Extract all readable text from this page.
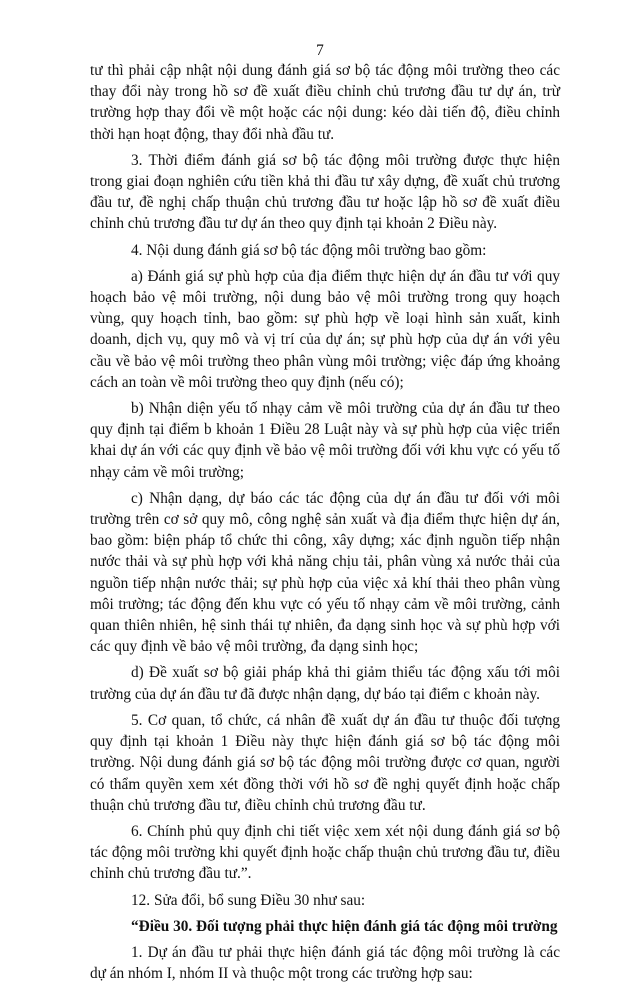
7

tư thì phải cập nhật nội dung đánh giá sơ bộ tác động môi trường theo các thay đổi này trong hồ sơ đề xuất điều chỉnh chủ trương đầu tư dự án, trừ trường hợp thay đổi về một hoặc các nội dung: kéo dài tiến độ, điều chỉnh thời hạn hoạt động, thay đổi nhà đầu tư.

3. Thời điểm đánh giá sơ bộ tác động môi trường được thực hiện trong giai đoạn nghiên cứu tiền khả thi đầu tư xây dựng, đề xuất chủ trương đầu tư, đề nghị chấp thuận chủ trương đầu tư hoặc lập hồ sơ đề xuất điều chỉnh chủ trương đầu tư dự án theo quy định tại khoản 2 Điều này.

4. Nội dung đánh giá sơ bộ tác động môi trường bao gồm:

a) Đánh giá sự phù hợp của địa điểm thực hiện dự án đầu tư với quy hoạch bảo vệ môi trường, nội dung bảo vệ môi trường trong quy hoạch vùng, quy hoạch tỉnh, bao gồm: sự phù hợp về loại hình sản xuất, kinh doanh, dịch vụ, quy mô và vị trí của dự án; sự phù hợp của dự án với yêu cầu về bảo vệ môi trường theo phân vùng môi trường; việc đáp ứng khoảng cách an toàn về môi trường theo quy định (nếu có);

b) Nhận diện yếu tố nhạy cảm về môi trường của dự án đầu tư theo quy định tại điểm b khoản 1 Điều 28 Luật này và sự phù hợp của việc triển khai dự án với các quy định về bảo vệ môi trường đối với khu vực có yếu tố nhạy cảm về môi trường;

c) Nhận dạng, dự báo các tác động của dự án đầu tư đối với môi trường trên cơ sở quy mô, công nghệ sản xuất và địa điểm thực hiện dự án, bao gồm: biện pháp tổ chức thi công, xây dựng; xác định nguồn tiếp nhận nước thải và sự phù hợp với khả năng chịu tải, phân vùng xả nước thải của nguồn tiếp nhận nước thải; sự phù hợp của việc xả khí thải theo phân vùng môi trường; tác động đến khu vực có yếu tố nhạy cảm về môi trường, cảnh quan thiên nhiên, hệ sinh thái tự nhiên, đa dạng sinh học và sự phù hợp với các quy định về bảo vệ môi trường, đa dạng sinh học;

d) Đề xuất sơ bộ giải pháp khả thi giảm thiểu tác động xấu tới môi trường của dự án đầu tư đã được nhận dạng, dự báo tại điểm c khoản này.

5. Cơ quan, tổ chức, cá nhân đề xuất dự án đầu tư thuộc đối tượng quy định tại khoản 1 Điều này thực hiện đánh giá sơ bộ tác động môi trường. Nội dung đánh giá sơ bộ tác động môi trường được cơ quan, người có thẩm quyền xem xét đồng thời với hồ sơ đề nghị quyết định hoặc chấp thuận chủ trương đầu tư, điều chỉnh chủ trương đầu tư.

6. Chính phủ quy định chi tiết việc xem xét nội dung đánh giá sơ bộ tác động môi trường khi quyết định hoặc chấp thuận chủ trương đầu tư, điều chỉnh chủ trương đầu tư.”.

12. Sửa đổi, bổ sung Điều 30 như sau:

“Điều 30. Đối tượng phải thực hiện đánh giá tác động môi trường

1. Dự án đầu tư phải thực hiện đánh giá tác động môi trường là các dự án nhóm I, nhóm II và thuộc một trong các trường hợp sau:
